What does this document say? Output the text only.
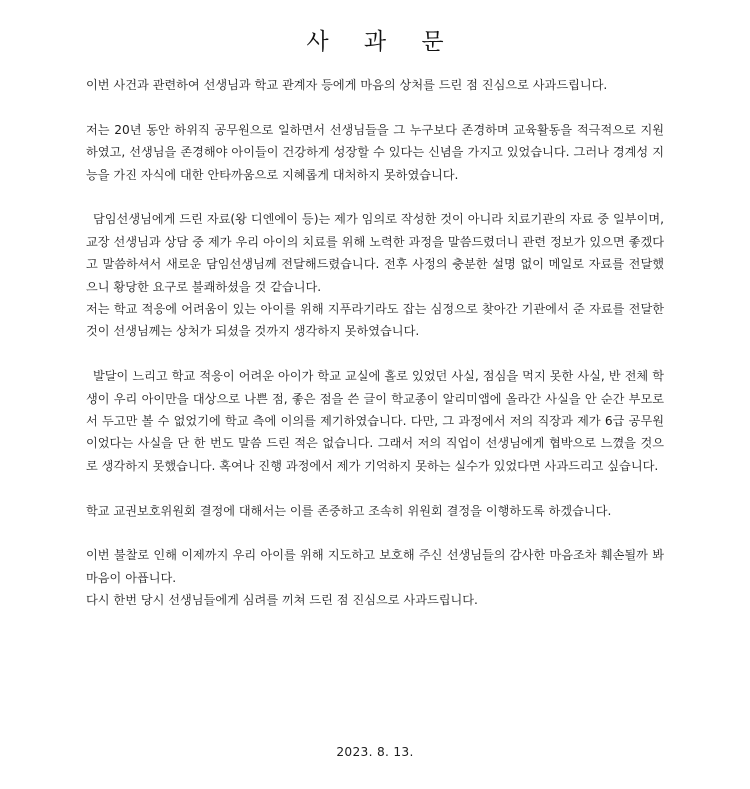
사 과 문

이번 사건과 관련하여 선생님과 학교 관계자 등에게 마음의 상처를 드린 점 진심으로 사과드립니다.

저는 20년 동안 하위직 공무원으로 일하면서 선생님들을 그 누구보다 존경하며 교육활동을 적극적으로 지원하였고, 선생님을 존경해야 아이들이 건강하게 성장할 수 있다는 신념을 가지고 있었습니다. 그러나 경계성 지능을 가진 자식에 대한 안타까움으로 지혜롭게 대처하지 못하였습니다.

담임선생님에게 드린 자료(왕 디엔에이 등)는 제가 임의로 작성한 것이 아니라 치료기관의 자료 중 일부이며, 교장 선생님과 상담 중 제가 우리 아이의 치료를 위해 노력한 과정을 말씀드렸더니 관련 정보가 있으면 좋겠다고 말씀하셔서 새로운 담임선생님께 전달해드렸습니다. 전후 사정의 충분한 설명 없이 메일로 자료를 전달했으니 황당한 요구로 불쾌하셨을 것 같습니다.

저는 학교 적응에 어려움이 있는 아이를 위해 지푸라기라도 잡는 심정으로 찾아간 기관에서 준 자료를 전달한 것이 선생님께는 상처가 되셨을 것까지 생각하지 못하였습니다.

발달이 느리고 학교 적응이 어려운 아이가 학교 교실에 홀로 있었던 사실, 점심을 먹지 못한 사실, 반 전체 학생이 우리 아이만을 대상으로 나쁜 점, 좋은 점을 쓴 글이 학교종이 알리미앱에 올라간 사실을 안 순간 부모로서 두고만 볼 수 없었기에 학교 측에 이의를 제기하였습니다. 다만, 그 과정에서 저의 직장과 제가 6급 공무원이었다는 사실을 단 한 번도 말씀 드린 적은 없습니다. 그래서 저의 직업이 선생님에게 협박으로 느꼈을 것으로 생각하지 못했습니다. 혹여나 진행 과정에서 제가 기억하지 못하는 실수가 있었다면 사과드리고 싶습니다.

학교 교권보호위원회 결정에 대해서는 이를 존중하고 조속히 위원회 결정을 이행하도록 하겠습니다.

이번 불찰로 인해 이제까지 우리 아이를 위해 지도하고 보호해 주신 선생님들의 감사한 마음조차 훼손될까 봐 마음이 아픕니다.

다시 한번 당시 선생님들에게 심려를 끼쳐 드린 점 진심으로 사과드립니다.

2023. 8. 13.
